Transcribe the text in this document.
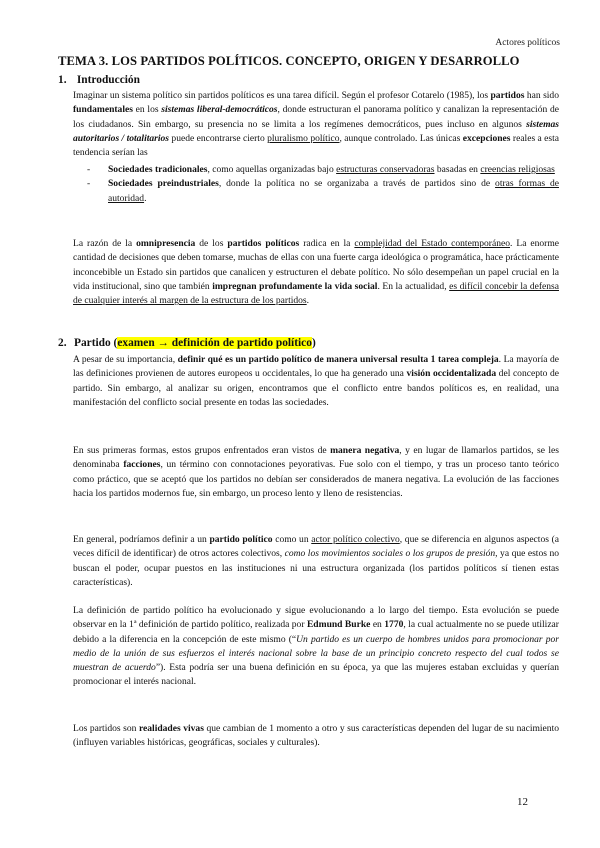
Actores políticos
TEMA 3. LOS PARTIDOS POLÍTICOS. CONCEPTO, ORIGEN Y DESARROLLO
1. Introducción
Imaginar un sistema político sin partidos políticos es una tarea difícil. Según el profesor Cotarelo (1985), los partidos han sido fundamentales en los sistemas liberal-democráticos, donde estructuran el panorama político y canalizan la representación de los ciudadanos. Sin embargo, su presencia no se limita a los regímenes democráticos, pues incluso en algunos sistemas autoritarios / totalitarios puede encontrarse cierto pluralismo político, aunque controlado. Las únicas excepciones reales a esta tendencia serían las
- Sociedades tradicionales, como aquellas organizadas bajo estructuras conservadoras basadas en creencias religiosas
- Sociedades preindustriales, donde la política no se organizaba a través de partidos sino de otras formas de autoridad.
La razón de la omnipresencia de los partidos políticos radica en la complejidad del Estado contemporáneo. La enorme cantidad de decisiones que deben tomarse, muchas de ellas con una fuerte carga ideológica o programática, hace prácticamente inconcebible un Estado sin partidos que canalicen y estructuren el debate político. No sólo desempeñan un papel crucial en la vida institucional, sino que también impregnan profundamente la vida social. En la actualidad, es difícil concebir la defensa de cualquier interés al margen de la estructura de los partidos.
2. Partido (examen → definición de partido político)
A pesar de su importancia, definir qué es un partido político de manera universal resulta 1 tarea compleja. La mayoría de las definiciones provienen de autores europeos u occidentales, lo que ha generado una visión occidentalizada del concepto de partido. Sin embargo, al analizar su origen, encontramos que el conflicto entre bandos políticos es, en realidad, una manifestación del conflicto social presente en todas las sociedades.
En sus primeras formas, estos grupos enfrentados eran vistos de manera negativa, y en lugar de llamarlos partidos, se les denominaba facciones, un término con connotaciones peyorativas. Fue solo con el tiempo, y tras un proceso tanto teórico como práctico, que se aceptó que los partidos no debían ser considerados de manera negativa. La evolución de las facciones hacia los partidos modernos fue, sin embargo, un proceso lento y lleno de resistencias.
En general, podríamos definir a un partido político como un actor político colectivo, que se diferencia en algunos aspectos (a veces difícil de identificar) de otros actores colectivos, como los movimientos sociales o los grupos de presión, ya que estos no buscan el poder, ocupar puestos en las instituciones ni una estructura organizada (los partidos políticos sí tienen estas características).
La definición de partido político ha evolucionado y sigue evolucionando a lo largo del tiempo. Esta evolución se puede observar en la 1ª definición de partido político, realizada por Edmund Burke en 1770, la cual actualmente no se puede utilizar debido a la diferencia en la concepción de este mismo (“Un partido es un cuerpo de hombres unidos para promocionar por medio de la unión de sus esfuerzos el interés nacional sobre la base de un principio concreto respecto del cual todos se muestran de acuerdo”). Esta podría ser una buena definición en su época, ya que las mujeres estaban excluidas y querían promocionar el interés nacional.
Los partidos son realidades vivas que cambian de 1 momento a otro y sus características dependen del lugar de su nacimiento (influyen variables históricas, geográficas, sociales y culturales).
12
